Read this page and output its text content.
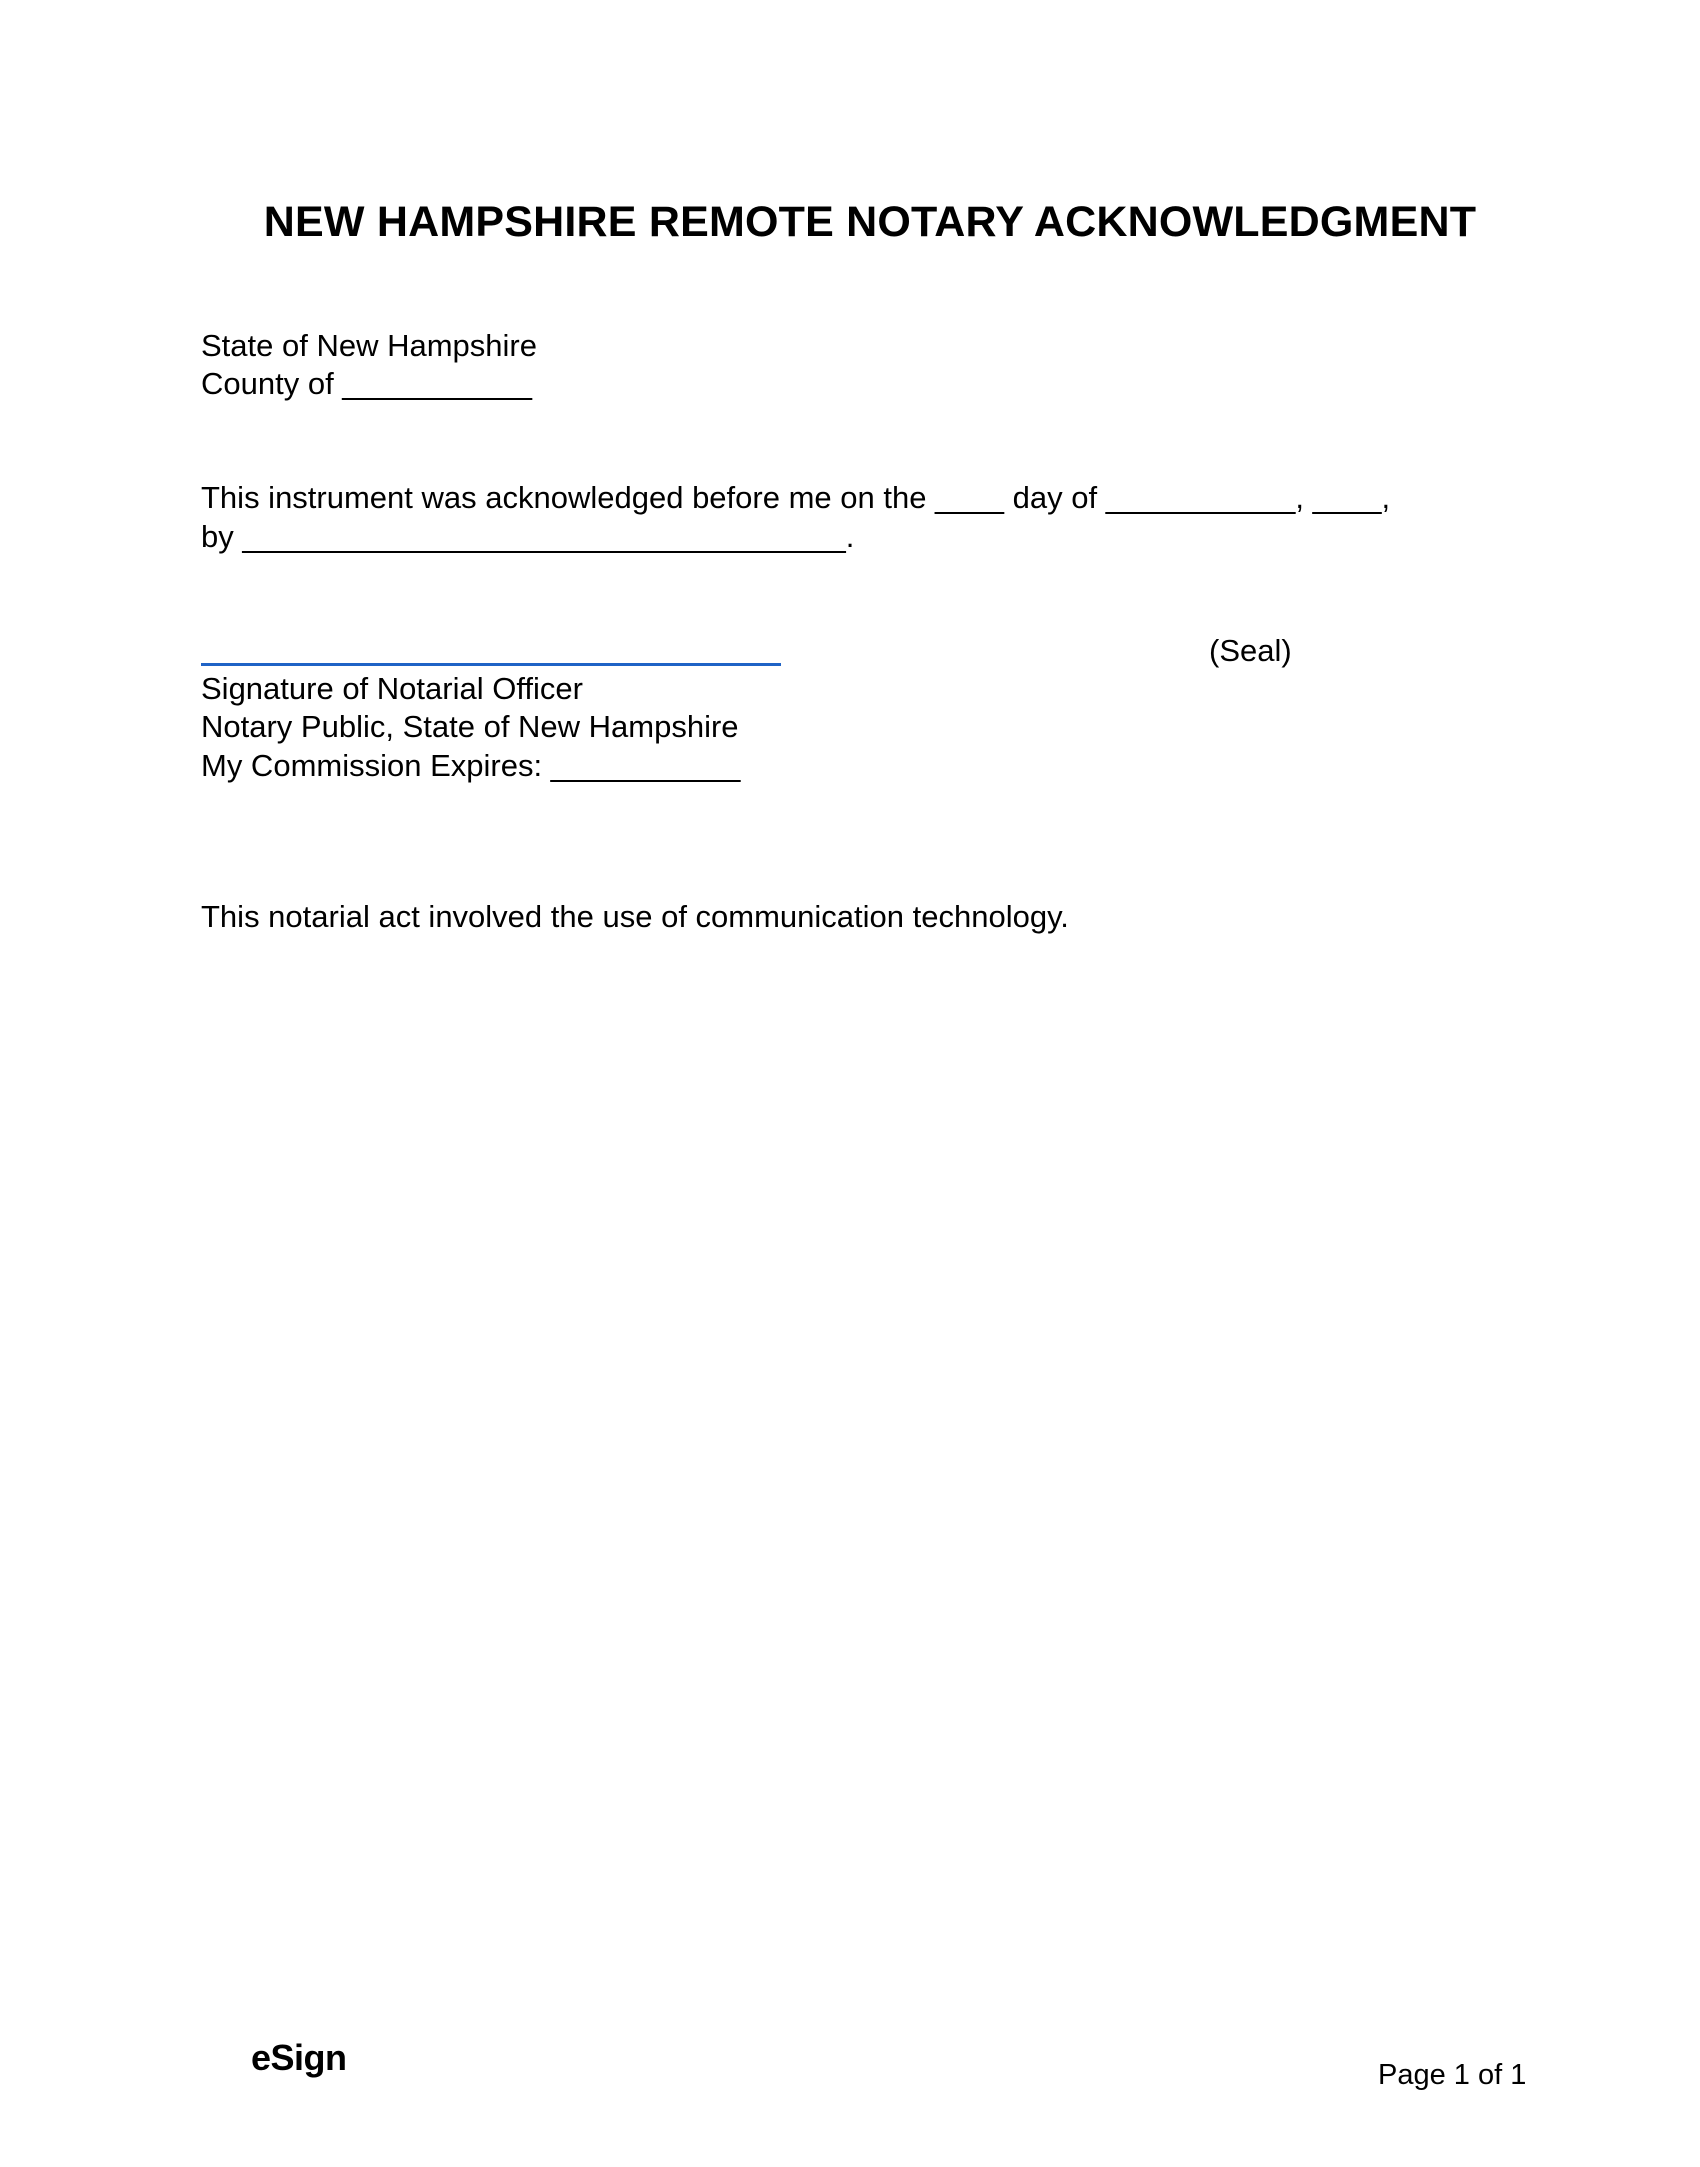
NEW HAMPSHIRE REMOTE NOTARY ACKNOWLEDGMENT
State of New Hampshire
County of ___________
This instrument was acknowledged before me on the ____ day of ___________, ____,
by ___________________________________.
(Seal)
Signature of Notarial Officer
Notary Public, State of New Hampshire
My Commission Expires: ___________
This notarial act involved the use of communication technology.
eSign	Page 1 of 1
